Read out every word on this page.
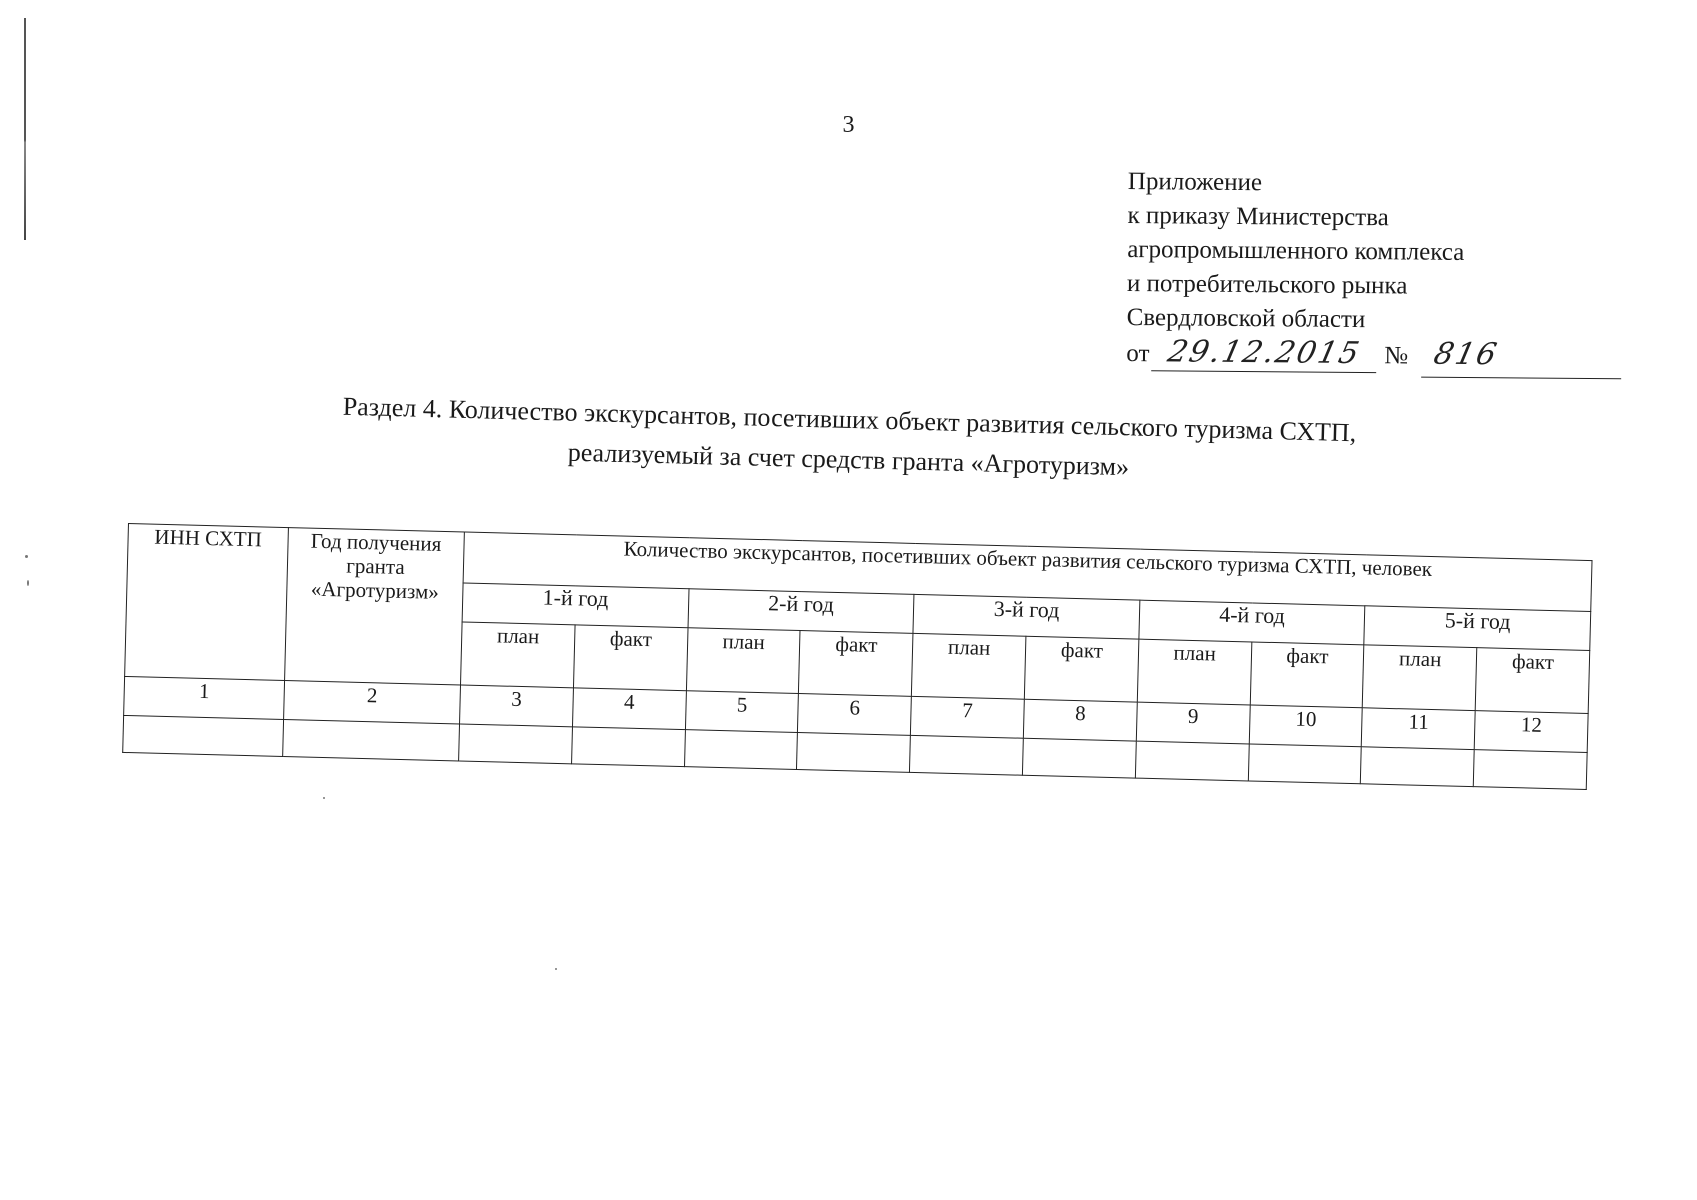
3
Приложение
к приказу Министерства
агропромышленного комплекса
и потребительского рынка
Свердловской области
от 29.12.2015 № 816
Раздел 4. Количество экскурсантов, посетивших объект развития сельского туризма СХТП,
реализуемый за счет средств гранта «Агротуризм»
ИНН СХТП	Год получения гранта «Агротуризм»	Количество экскурсантов, посетивших объект развития сельского туризма СХТП, человек									
		1-й год		2-й год		3-й год		4-й год		5-й год	
		план	факт	план	факт	план	факт	план	факт	план	факт
1	2	3	4	5	6	7	8	9	10	11	12
